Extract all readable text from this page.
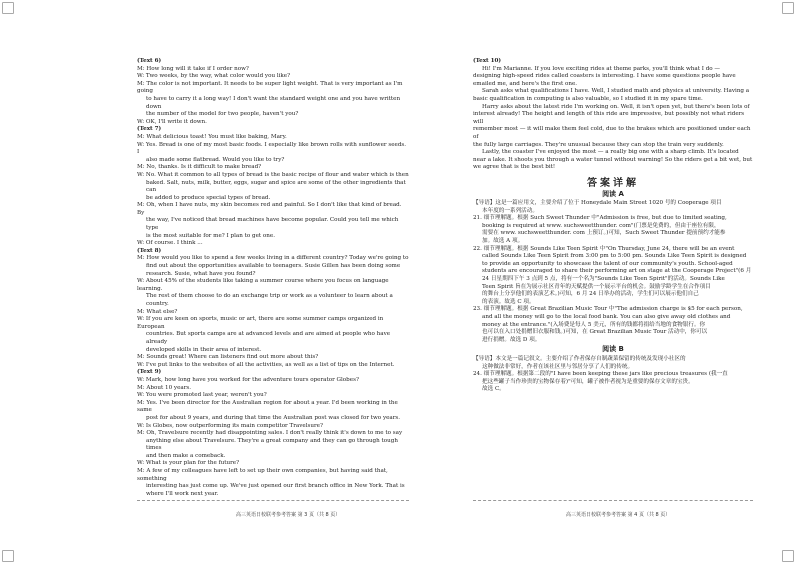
(Text 6)

M: How long will it take if I order now?

W: Two weeks, by the way, what color would you like?

M: The color is not important. It needs to be super light weight. That is very important as I'm going

to have to carry it a long way! I don't want the standard weight one and you have written down

the number of the model for two people, haven't you?

W: OK, I'll write it down.

(Text 7)

M: What delicious toast! You must like baking, Mary.

W: Yes. Bread is one of my most basic foods. I especially like brown rolls with sunflower seeds.  I

also made some flatbread. Would you like to try?

M: No, thanks. Is it difficult to make bread?

W: No. What it common to all types of bread is the basic recipe of flour and water which is then

baked. Salt, nuts, milk, butter, eggs, sugar and spice are some of the other ingredients that can

be added to produce special types of bread.

M: Oh, when I have nuts, my skin becomes red and painful. So I don't like that kind of bread. By

the way, I've noticed that bread machines have become popular. Could you tell me which type

is the most suitable for me? I plan to get one.

W: Of course. I think ...

(Text 8)

M: How would you like to spend a few weeks living in a different country? Today we're going to

find out about the opportunities available to teenagers. Susie Gillen has been doing some

research. Susie, what have you found?

W: About 45% of the students like taking a summer course where you focus on language learning.

The rest of them choose to do an exchange trip or work as a volunteer to learn about a country.

M: What else?

W: If you are keen on sports, music or art, there are some summer camps organized in European

countries. But sports camps are at advanced levels and are aimed at people who have already

developed skills in their area of interest.

M: Sounds great! Where can listeners find out more about this?

W: I've put links to the websites of all the activities, as well as a list of tips on the Internet.

(Text 9)

W: Mark, how long have you worked for the adventure tours operator Globes?

M: About 10 years.

W: You were promoted last year, weren't you?

M: Yes. I've been director for the Australian region for about a year. I'd been working in the same

post for about 9 years, and during that time the Australian post was closed for two years.

W: Is Globes, now outperforming its main competitor Travelsure?

M: Oh, Travelsure recently had disappointing sales. I don't really think it's down to me to say

anything else about Travelsure. They're a great company and they can go through tough times

and then make a comeback.

W: What is your plan for the future?

M: A few of my colleagues have left to set up their own companies, but having said that, something

interesting has just come up. We've just opened our first branch office in New York. That is

where I'll work next year.

(Text 10)

Hi! I'm Marianne. If you love exciting rides at theme parks, you'll think what I do —

designing high-speed rides called coasters is interesting. I have some questions people have

emailed me, and here's the first one.

Sarah asks what qualifications I have. Well, I studied math and physics at university. Having a

basic qualification in computing is also valuable, so I studied it in my spare time.

Harry asks about the latest ride I'm working on. Well, it isn't open yet, but there's been lots of

interest already! The height and length of this ride are impressive, but possibly not what riders will

remember most — it will make them feel cold, due to the brakes which are positioned under each of

the fully large carriages. They're unusual because they can stop the train very suddenly.

Lastly, the coaster I've enjoyed the most — a really big one with a sharp climb. It's located

near a lake. It shoots you through a water tunnel without warning! So the riders get a bit wet, but

we agree that is the best bit!

答案详解
阅读 A

【导语】这是一篇应用文，主要介绍了位于 Honeydale Main Street 1020 号的 Cooperage 项目

本年度的一系列活动。

21. 细节理解题。根据 Such Sweet Thunder 中"Admission is free, but due to limited seating,

booking is required at www. suchsweetthunder. com"(门票是免费的，但由于座位有限，

需要在 www. suchsweetthunder. com 上预订。)可知，Such Sweet Thunder 提前预约才能参

加。故选 A 项。

22. 细节理解题。根据 Sounds Like Teen Spirit 中"On Thursday, June 24, there will be an event

called Sounds Like Teen Spirit from 3:00 pm to 5:00 pm. Sounds Like Teen Spirit is designed

to provide an opportunity to showcase the talent of our community's youth. School-aged

students are encouraged to share their performing art on stage at the Cooperage Project"(6 月

24 日星期四下午 3 点到 5 点，将有一个名为"Sounds Like Teen Spirit"的活动。Sounds Like

Teen Spirit 旨在为展示社区青年的天赋提供一个展示平台的机会。鼓励学龄学生在合作项目

的舞台上分享他们的表演艺术。)可知，6 月 24 日举办的活动，学生们可以展示他们自己

的表演。故选 C 项。

23. 细节理解题。根据 Great Brazilian Music Tour 中"The admission charge is $5 for each person,

and all the money will go to the local food bank. You can also give away old clothes and

money at the entrance."(入场费是每人 5 美元，所有的钱都将捐给当地的食物银行。你

也可以在入口处捐赠旧衣服和钱。)可知，在 Great Brazilian Music Tour 活动中，你可以

进行捐赠。故选 D 项。

阅读 B

【导语】本文是一篇记叙文。主要介绍了作者保存自制蔬菜保留的传统及发现小社区的

这种做法非常好，作者在该社区里与邻居分享了人们的传统。

24. 细节理解题。根据第二段的"I have been keeping these jars like precious treasures (我一直

把这些罐子当作珍贵的宝物保存着)"可知，罐子被作者视为是重要的保存文章的宝贵。

故选 C。

高三英语日校联考参考答案 第 3 页（共 8 页）	高三英语日校联考参考答案 第 4 页（共 8 页）
